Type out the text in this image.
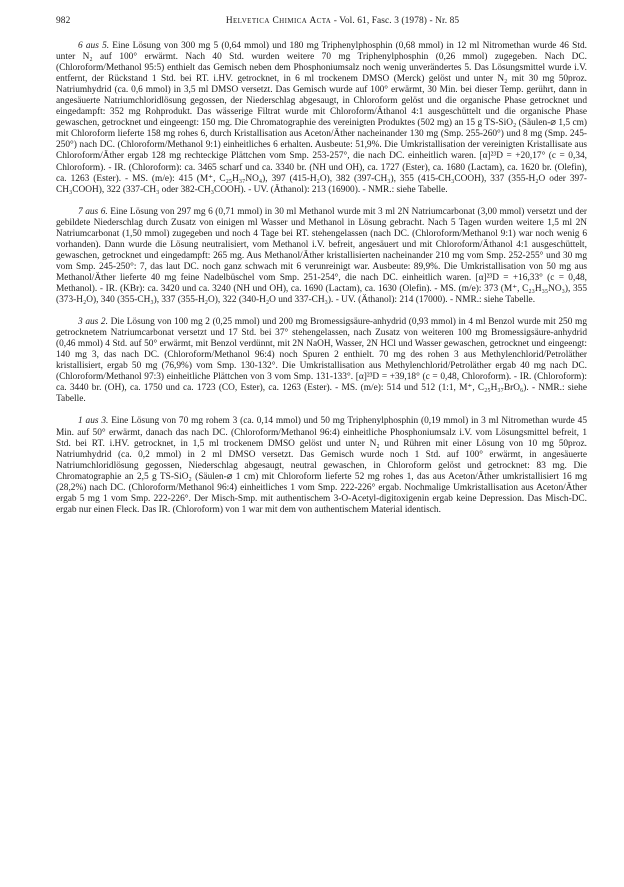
982	Helvetica Chimica Acta - Vol. 61, Fasc. 3 (1978) - Nr. 85

6 aus 5. Eine Lösung von 300 mg 5 (0,64 mmol) und 180 mg Triphenylphosphin (0,68 mmol) in 12 ml Nitromethan wurde 46 Std. unter N₂ auf 100° erwärmt. Nach 40 Std. wurden weitere 70 mg Triphenylphosphin (0,26 mmol) zugegeben. Nach DC. (Chloroform/Methanol 95:5) enthielt das Gemisch neben dem Phosphoniumsalz noch wenig unverändertes 5. Das Lösungsmittel wurde i.V. entfernt, der Rückstand 1 Std. bei RT. i.HV. getrocknet, in 6 ml trockenem DMSO (Merck) gelöst und unter N₂ mit 30 mg 50proz. Natriumhydrid (ca. 0,6 mmol) in 3,5 ml DMSO versetzt. Das Gemisch wurde auf 100° erwärmt, 30 Min. bei dieser Temp. gerührt, dann in angesäuerte Natriumchloridlösung gegossen, der Niederschlag abgesaugt, in Chloroform gelöst und die organische Phase getrocknet und eingedampft: 352 mg Rohprodukt. Das wässerige Filtrat wurde mit Chloroform/Äthanol 4:1 ausgeschüttelt und die organische Phase gewaschen, getrocknet und eingeengt: 150 mg. Die Chromatographie des vereinigten Produktes (502 mg) an 15 g TS-SiO₂ (Säulen-⌀ 1,5 cm) mit Chloroform lieferte 158 mg rohes 6, durch Kristallisation aus Aceton/Äther nacheinander 130 mg (Smp. 255-260°) und 8 mg (Smp. 245-250°) nach DC. (Chloroform/Methanol 9:1) einheitliches 6 erhalten. Ausbeute: 51,9%. Die Umkristallisation der vereinigten Kristallisate aus Chloroform/Äther ergab 128 mg rechteckige Plättchen vom Smp. 253-257°, die nach DC. einheitlich waren. [α]²³D = +20,17° (c = 0,34, Chloroform). - IR. (Chloroform): ca. 3465 scharf und ca. 3340 br. (NH und OH), ca. 1727 (Ester), ca. 1680 (Lactam), ca. 1620 br. (Olefin), ca. 1263 (Ester). - MS. (m/e): 415 (M⁺, C₂₅H₃₇NO₄), 397 (415-H₂O), 382 (397-CH₃), 355 (415-CH₃COOH), 337 (355-H₂O oder 397-CH₃COOH), 322 (337-CH₃ oder 382-CH₃COOH). - UV. (Äthanol): 213 (16900). - NMR.: siehe Tabelle.

7 aus 6. Eine Lösung von 297 mg 6 (0,71 mmol) in 30 ml Methanol wurde mit 3 ml 2N Natriumcarbonat (3,00 mmol) versetzt und der gebildete Niederschlag durch Zusatz von einigen ml Wasser und Methanol in Lösung gebracht. Nach 5 Tagen wurden weitere 1,5 ml 2N Natriumcarbonat (1,50 mmol) zugegeben und noch 4 Tage bei RT. stehengelassen (nach DC. (Chloroform/Methanol 9:1) war noch wenig 6 vorhanden). Dann wurde die Lösung neutralisiert, vom Methanol i.V. befreit, angesäuert und mit Chloroform/Äthanol 4:1 ausgeschüttelt, gewaschen, getrocknet und eingedampft: 265 mg. Aus Methanol/Äther kristallisierten nacheinander 210 mg vom Smp. 252-255° und 30 mg vom Smp. 245-250°: 7, das laut DC. noch ganz schwach mit 6 verunreinigt war. Ausbeute: 89,9%. Die Umkristallisation von 50 mg aus Methanol/Äther lieferte 40 mg feine Nadelbüschel vom Smp. 251-254°, die nach DC. einheitlich waren. [α]²³D = +16,33° (c = 0,48, Methanol). - IR. (KBr): ca. 3420 und ca. 3240 (NH und OH), ca. 1690 (Lactam), ca. 1630 (Olefin). - MS. (m/e): 373 (M⁺, C₂₃H₃₅NO₃), 355 (373-H₂O), 340 (355-CH₃), 337 (355-H₂O), 322 (340-H₂O und 337-CH₃). - UV. (Äthanol): 214 (17000). - NMR.: siehe Tabelle.

3 aus 2. Die Lösung von 100 mg 2 (0,25 mmol) und 200 mg Bromessigsäure-anhydrid (0,93 mmol) in 4 ml Benzol wurde mit 250 mg getrocknetem Natriumcarbonat versetzt und 17 Std. bei 37° stehengelassen, nach Zusatz von weiteren 100 mg Bromessigsäure-anhydrid (0,46 mmol) 4 Std. auf 50° erwärmt, mit Benzol verdünnt, mit 2N NaOH, Wasser, 2N HCl und Wasser gewaschen, getrocknet und eingeengt: 140 mg 3, das nach DC. (Chloroform/Methanol 96:4) noch Spuren 2 enthielt. 70 mg des rohen 3 aus Methylenchlorid/Petroläther kristallisiert, ergab 50 mg (76,9%) vom Smp. 130-132°. Die Umkristallisation aus Methylenchlorid/Petroläther ergab 40 mg nach DC. (Chloroform/Methanol 97:3) einheitliche Plättchen von 3 vom Smp. 131-133°. [α]²³D = +39,18° (c = 0,48, Chloroform). - IR. (Chloroform): ca. 3440 br. (OH), ca. 1750 und ca. 1723 (CO, Ester), ca. 1263 (Ester). - MS. (m/e): 514 und 512 (1:1, M⁺, C₂₅H₃₇BrO₆). - NMR.: siehe Tabelle.

1 aus 3. Eine Lösung von 70 mg rohem 3 (ca. 0,14 mmol) und 50 mg Triphenylphosphin (0,19 mmol) in 3 ml Nitromethan wurde 45 Min. auf 50° erwärmt, danach das nach DC. (Chloroform/Methanol 96:4) einheitliche Phosphoniumsalz i.V. vom Lösungsmittel befreit, 1 Std. bei RT. i.HV. getrocknet, in 1,5 ml trockenem DMSO gelöst und unter N₂ und Rühren mit einer Lösung von 10 mg 50proz. Natriumhydrid (ca. 0,2 mmol) in 2 ml DMSO versetzt. Das Gemisch wurde noch 1 Std. auf 100° erwärmt, in angesäuerte Natriumchloridlösung gegossen, Niederschlag abgesaugt, neutral gewaschen, in Chloroform gelöst und getrocknet: 83 mg. Die Chromatographie an 2,5 g TS-SiO₂ (Säulen-⌀ 1 cm) mit Chloroform lieferte 52 mg rohes 1, das aus Aceton/Äther umkristallisiert 16 mg (28,2%) nach DC. (Chloroform/Methanol 96:4) einheitliches 1 vom Smp. 222-226° ergab. Nochmalige Umkristallisation aus Aceton/Äther ergab 5 mg 1 vom Smp. 222-226°. Der Misch-Smp. mit authentischem 3-O-Acetyl-digitoxigenin ergab keine Depression. Das Misch-DC. ergab nur einen Fleck. Das IR. (Chloroform) von 1 war mit dem von authentischem Material identisch.
